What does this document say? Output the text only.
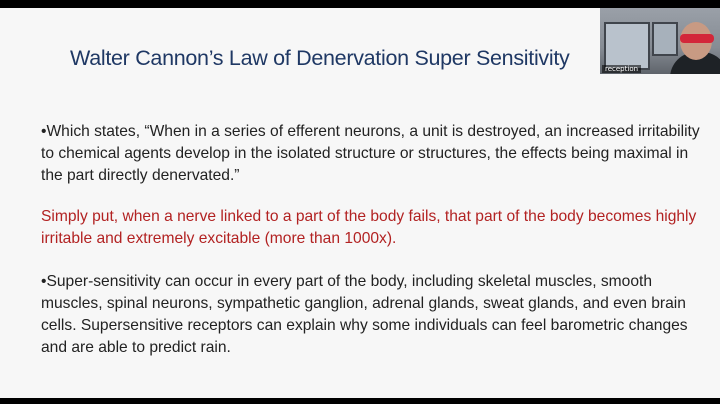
Walter Cannon’s Law of Denervation Super Sensitivity
•Which states, “When in a series of efferent neurons, a unit is destroyed, an increased irritability to chemical agents develop in the isolated structure or structures, the effects being maximal in the part directly denervated.”
Simply put, when a nerve linked to a part of the body fails, that part of the body becomes highly irritable and extremely excitable (more than 1000x).
•Super-sensitivity can occur in every part of the body, including skeletal muscles, smooth muscles, spinal neurons, sympathetic ganglion, adrenal glands, sweat glands, and even brain cells. Supersensitive receptors can explain why some individuals can feel barometric changes and are able to predict rain.
reception
